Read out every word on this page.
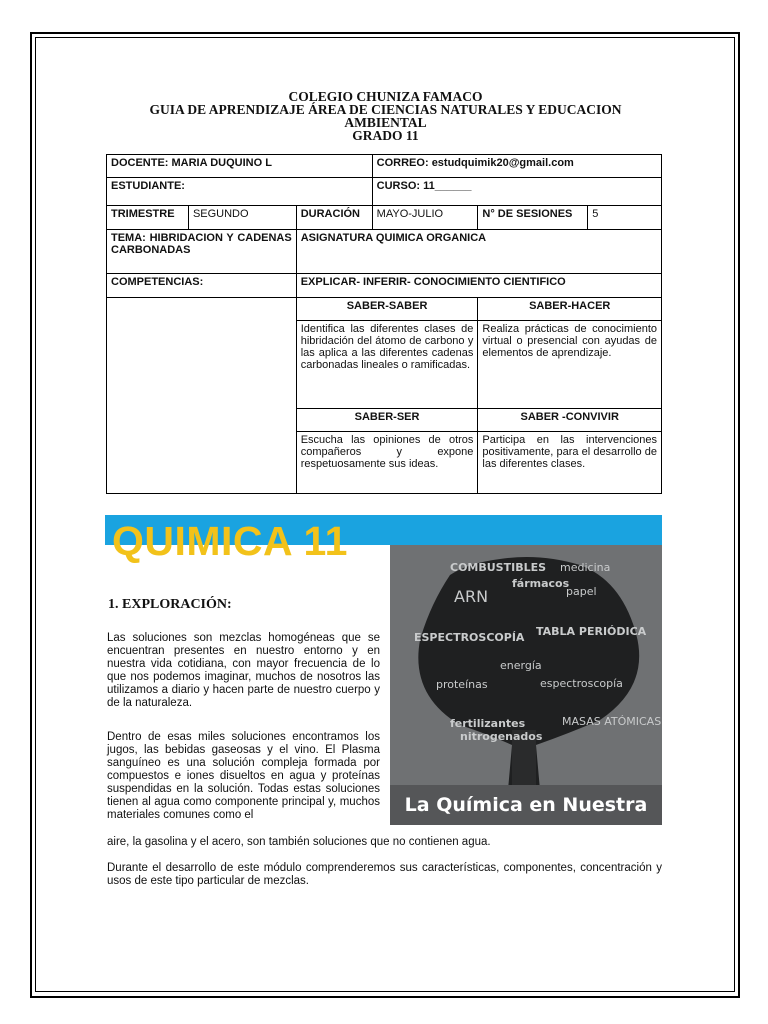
COLEGIO CHUNIZA FAMACO
GUIA DE APRENDIZAJE ÁREA DE CIENCIAS NATURALES Y EDUCACION
AMBIENTAL
GRADO 11
DOCENTE: MARIA DUQUINO L			CORREO: estudquimik20@gmail.com		
ESTUDIANTE:			CURSO: 11______		
TRIMESTRE	SEGUNDO	DURACIÓN	MAYO-JULIO	N° DE SESIONES	5
TEMA: HIBRIDACION Y CADENAS CARBONADAS		ASIGNATURA QUIMICA ORGANICA			
COMPETENCIAS:		EXPLICAR- INFERIR- CONOCIMIENTO CIENTIFICO			
		SABER-SABER		SABER-HACER	
		Identifica las diferentes clases de hibridación del átomo de carbono y las aplica a las diferentes cadenas carbonadas lineales o ramificadas.		Realiza prácticas de conocimiento virtual o presencial con ayudas de elementos de aprendizaje.	
		SABER-SER		SABER -CONVIVIR	
		Escucha las opiniones de otros compañeros y expone respetuosamente sus ideas.		Participa en las intervenciones positivamente, para el desarrollo de las diferentes clases.	
QUIMICA 11
COMBUSTIBLES medicina
fármacos
ARN	papel
ESPECTROSCOPÍA TABLA PERIÓDICA
energía
proteínas	espectroscopía
fertilizantes
nitrogenados
MASAS ATÓMICAS
La Química en Nuestra Vida
1. EXPLORACIÓN:

Las soluciones son mezclas homogéneas que se encuentran presentes en nuestro entorno y en nuestra vida cotidiana, con mayor frecuencia de lo que nos podemos imaginar, muchos de nosotros las utilizamos a diario y hacen parte de nuestro cuerpo y de la naturaleza.

Dentro de esas miles soluciones encontramos los jugos, las bebidas gaseosas y el vino. El Plasma sanguíneo es una solución compleja formada por compuestos e iones disueltos en agua y proteínas suspendidas en la solución. Todas estas soluciones tienen al agua como componente principal y, muchos materiales comunes como el

aire, la gasolina y el acero, son también soluciones que no contienen agua.

Durante el desarrollo de este módulo comprenderemos sus características, componentes, concentración y usos de este tipo particular de mezclas.
